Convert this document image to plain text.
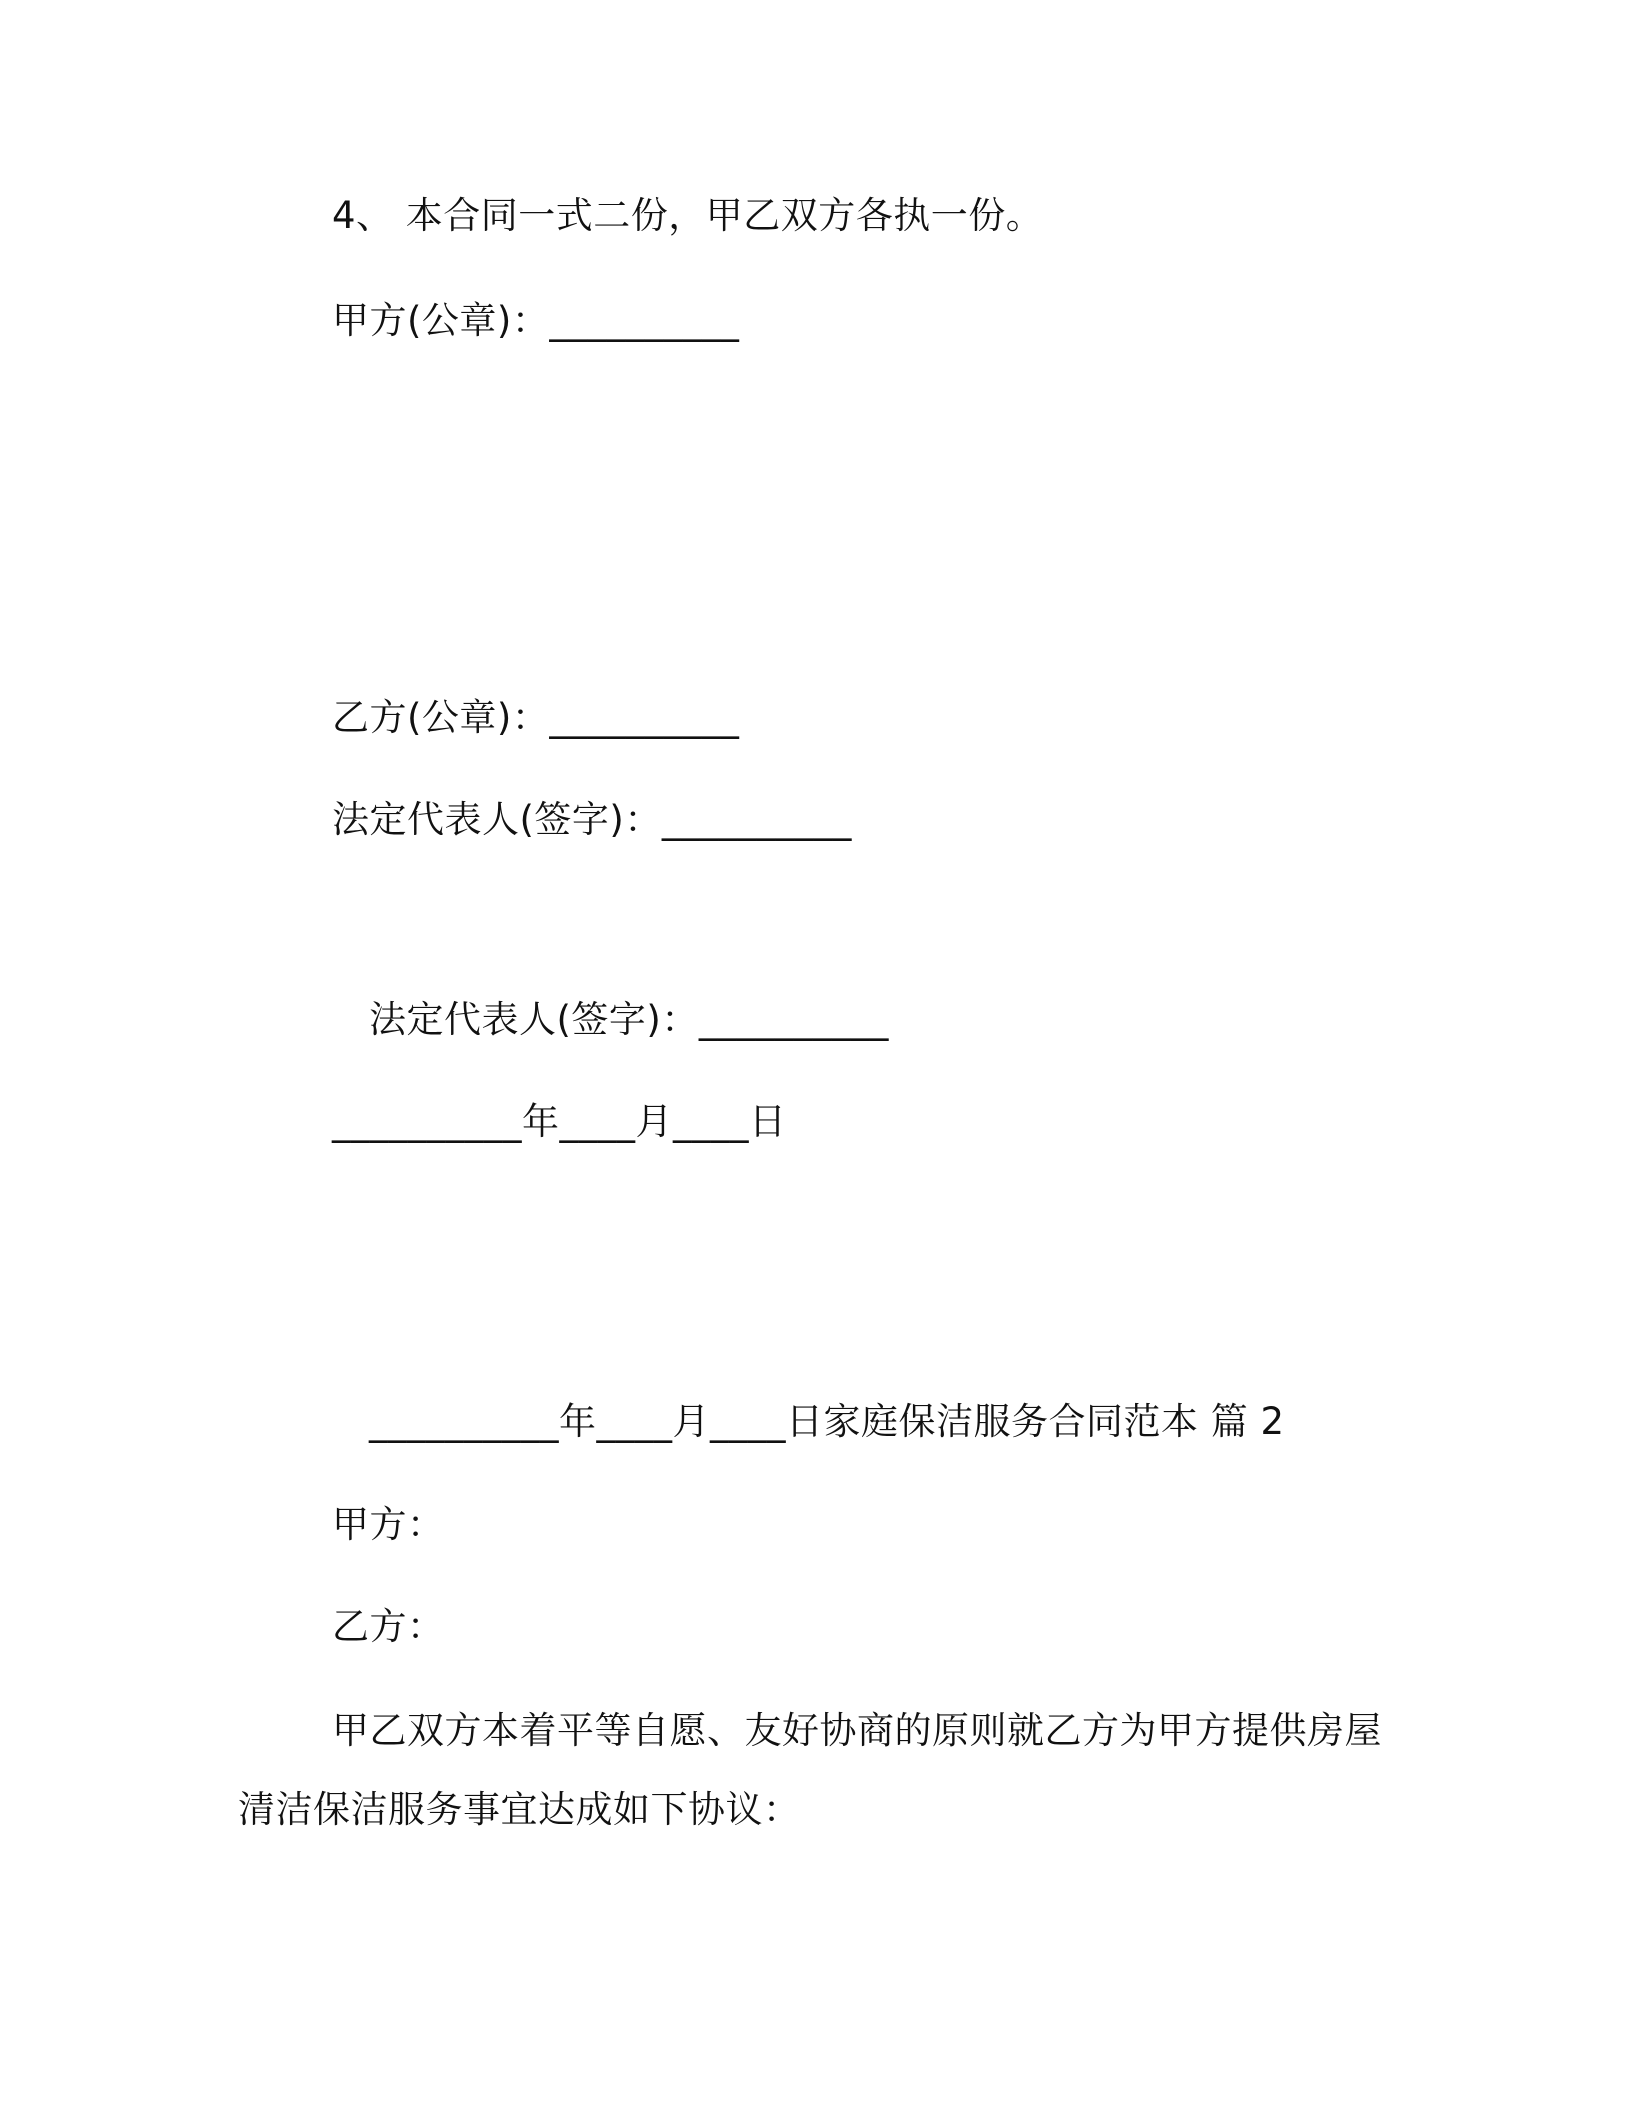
4、 本合同一式二份，甲乙双方各执一份。
甲方(公章)：__________
乙方(公章)：__________
法定代表人(签字)：__________
法定代表人(签字)：__________
__________年____月____日
__________年____月____日家庭保洁服务合同范本 篇 2
甲方：
乙方：
甲乙双方本着平等自愿、友好协商的原则就乙方为甲方提供房屋
清洁保洁服务事宜达成如下协议：
